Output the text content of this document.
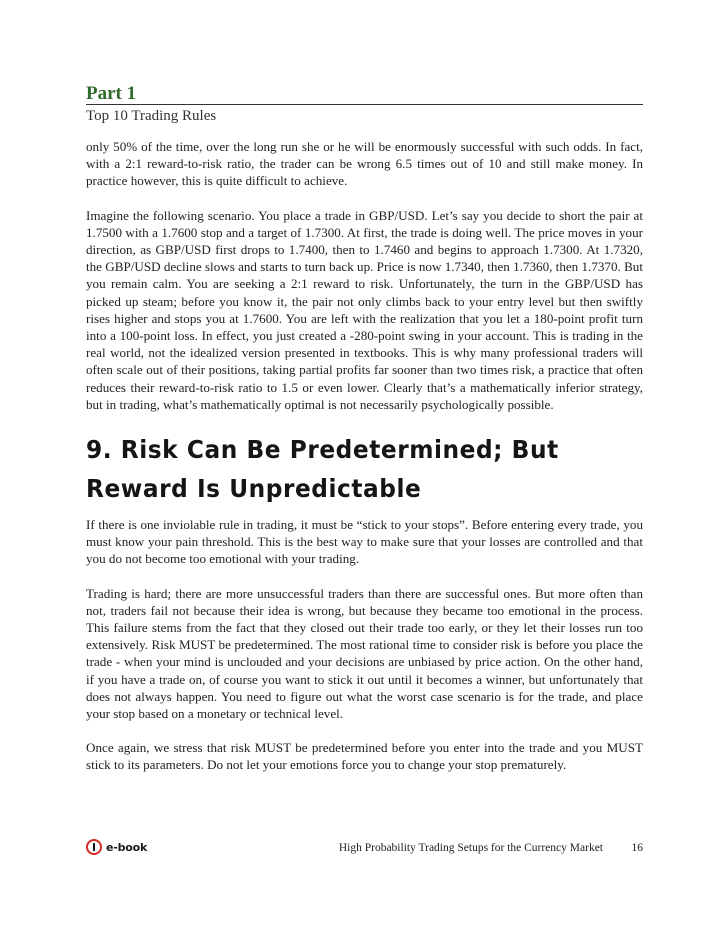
Part 1
Top 10 Trading Rules

only 50% of the time, over the long run she or he will be enormously successful with such odds. In fact, with a 2:1 reward-to-risk ratio, the trader can be wrong 6.5 times out of 10 and still make money. In practice however, this is quite difficult to achieve.

Imagine the following scenario. You place a trade in GBP/USD. Let’s say you decide to short the pair at 1.7500 with a 1.7600 stop and a target of 1.7300. At first, the trade is doing well. The price moves in your direction, as GBP/USD first drops to 1.7400, then to 1.7460 and begins to approach 1.7300. At 1.7320, the GBP/USD decline slows and starts to turn back up. Price is now 1.7340, then 1.7360, then 1.7370. But you remain calm. You are seeking a 2:1 reward to risk. Unfortunately, the turn in the GBP/USD has picked up steam; before you know it, the pair not only climbs back to your entry level but then swiftly rises higher and stops you at 1.7600. You are left with the realization that you let a 180-point profit turn into a 100-point loss. In effect, you just created a -280-point swing in your account. This is trading in the real world, not the idealized version presented in textbooks. This is why many professional traders will often scale out of their positions, taking partial profits far sooner than two times risk, a practice that often reduces their reward-to-risk ratio to 1.5 or even lower. Clearly that’s a mathematically inferior strategy, but in trading, what’s mathematically optimal is not necessarily psychologically possible.

9. Risk Can Be Predetermined; But Reward Is Unpredictable

If there is one inviolable rule in trading, it must be “stick to your stops”. Before entering every trade, you must know your pain threshold. This is the best way to make sure that your losses are controlled and that you do not become too emotional with your trading.

Trading is hard; there are more unsuccessful traders than there are successful ones. But more often than not, traders fail not because their idea is wrong, but because they became too emotional in the process. This failure stems from the fact that they closed out their trade too early, or they let their losses run too extensively. Risk MUST be predetermined. The most rational time to consider risk is before you place the trade - when your mind is unclouded and your decisions are unbiased by price action. On the other hand, if you have a trade on, of course you want to stick it out until it becomes a winner, but unfortunately that does not always happen. You need to figure out what the worst case scenario is for the trade, and place your stop based on a monetary or technical level.

Once again, we stress that risk MUST be predetermined before you enter into the trade and you MUST stick to its parameters. Do not let your emotions force you to change your stop prematurely.

e-book	High Probability Trading Setups for the Currency Market 16
